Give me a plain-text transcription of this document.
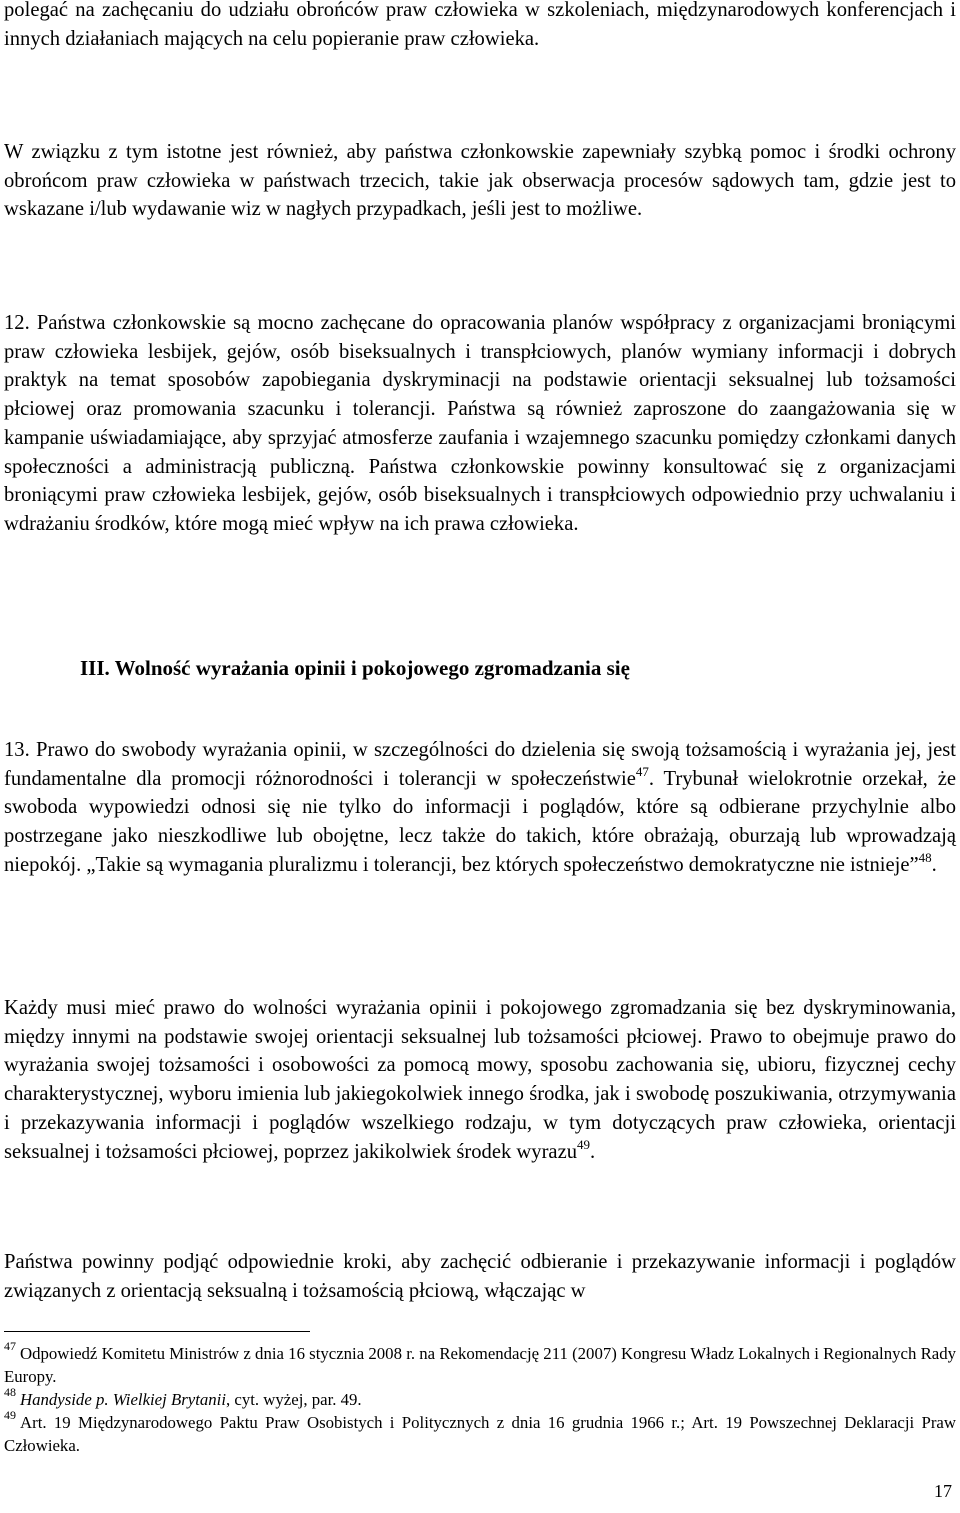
polegać na zachęcaniu do udziału obrońców praw człowieka w szkoleniach, międzynarodowych konferencjach i innych działaniach mających na celu popieranie praw człowieka.

W związku z tym istotne jest również, aby państwa członkowskie zapewniały szybką pomoc i środki ochrony obrońcom praw człowieka w państwach trzecich, takie jak obserwacja procesów sądowych tam, gdzie jest to wskazane i/lub wydawanie wiz w nagłych przypadkach, jeśli jest to możliwe.

12. Państwa członkowskie są mocno zachęcane do opracowania planów współpracy z organizacjami broniącymi praw człowieka lesbijek, gejów, osób biseksualnych i transpłciowych, planów wymiany informacji i dobrych praktyk na temat sposobów zapobiegania dyskryminacji na podstawie orientacji seksualnej lub tożsamości płciowej oraz promowania szacunku i tolerancji. Państwa są również zaproszone do zaangażowania się w kampanie uświadamiające, aby sprzyjać atmosferze zaufania i wzajemnego szacunku pomiędzy członkami danych społeczności a administracją publiczną. Państwa członkowskie powinny konsultować się z organizacjami broniącymi praw człowieka lesbijek, gejów, osób biseksualnych i transpłciowych odpowiednio przy uchwalaniu i wdrażaniu środków, które mogą mieć wpływ na ich prawa człowieka.

III. Wolność wyrażania opinii i pokojowego zgromadzania się

13. Prawo do swobody wyrażania opinii, w szczególności do dzielenia się swoją tożsamością i wyrażania jej, jest fundamentalne dla promocji różnorodności i tolerancji w społeczeństwie$^{47}$. Trybunał wielokrotnie orzekał, że swoboda wypowiedzi odnosi się nie tylko do informacji i poglądów, które są odbierane przychylnie albo postrzegane jako nieszkodliwe lub obojętne, lecz także do takich, które obrażają, oburzają lub wprowadzają niepokój. „Takie są wymagania pluralizmu i tolerancji, bez których społeczeństwo demokratyczne nie istnieje”$^{48}$.

Każdy musi mieć prawo do wolności wyrażania opinii i pokojowego zgromadzania się bez dyskryminowania, między innymi na podstawie swojej orientacji seksualnej lub tożsamości płciowej. Prawo to obejmuje prawo do wyrażania swojej tożsamości i osobowości za pomocą mowy, sposobu zachowania się, ubioru, fizycznej cechy charakterystycznej, wyboru imienia lub jakiegokolwiek innego środka, jak i swobodę poszukiwania, otrzymywania i przekazywania informacji i poglądów wszelkiego rodzaju, w tym dotyczących praw człowieka, orientacji seksualnej i tożsamości płciowej, poprzez jakikolwiek środek wyrazu$^{49}$.

Państwa powinny podjąć odpowiednie kroki, aby zachęcić odbieranie i przekazywanie informacji i poglądów związanych z orientacją seksualną i tożsamością płciową, włączając w

$^{47}$ Odpowiedź Komitetu Ministrów z dnia 16 stycznia 2008 r. na Rekomendację 211 (2007) Kongresu Władz Lokalnych i Regionalnych Rady Europy.

$^{48}$ Handyside p. Wielkiej Brytanii, cyt. wyżej, par. 49.

$^{49}$ Art. 19 Międzynarodowego Paktu Praw Osobistych i Politycznych z dnia 16 grudnia 1966 r.; Art. 19 Powszechnej Deklaracji Praw Człowieka.

17
